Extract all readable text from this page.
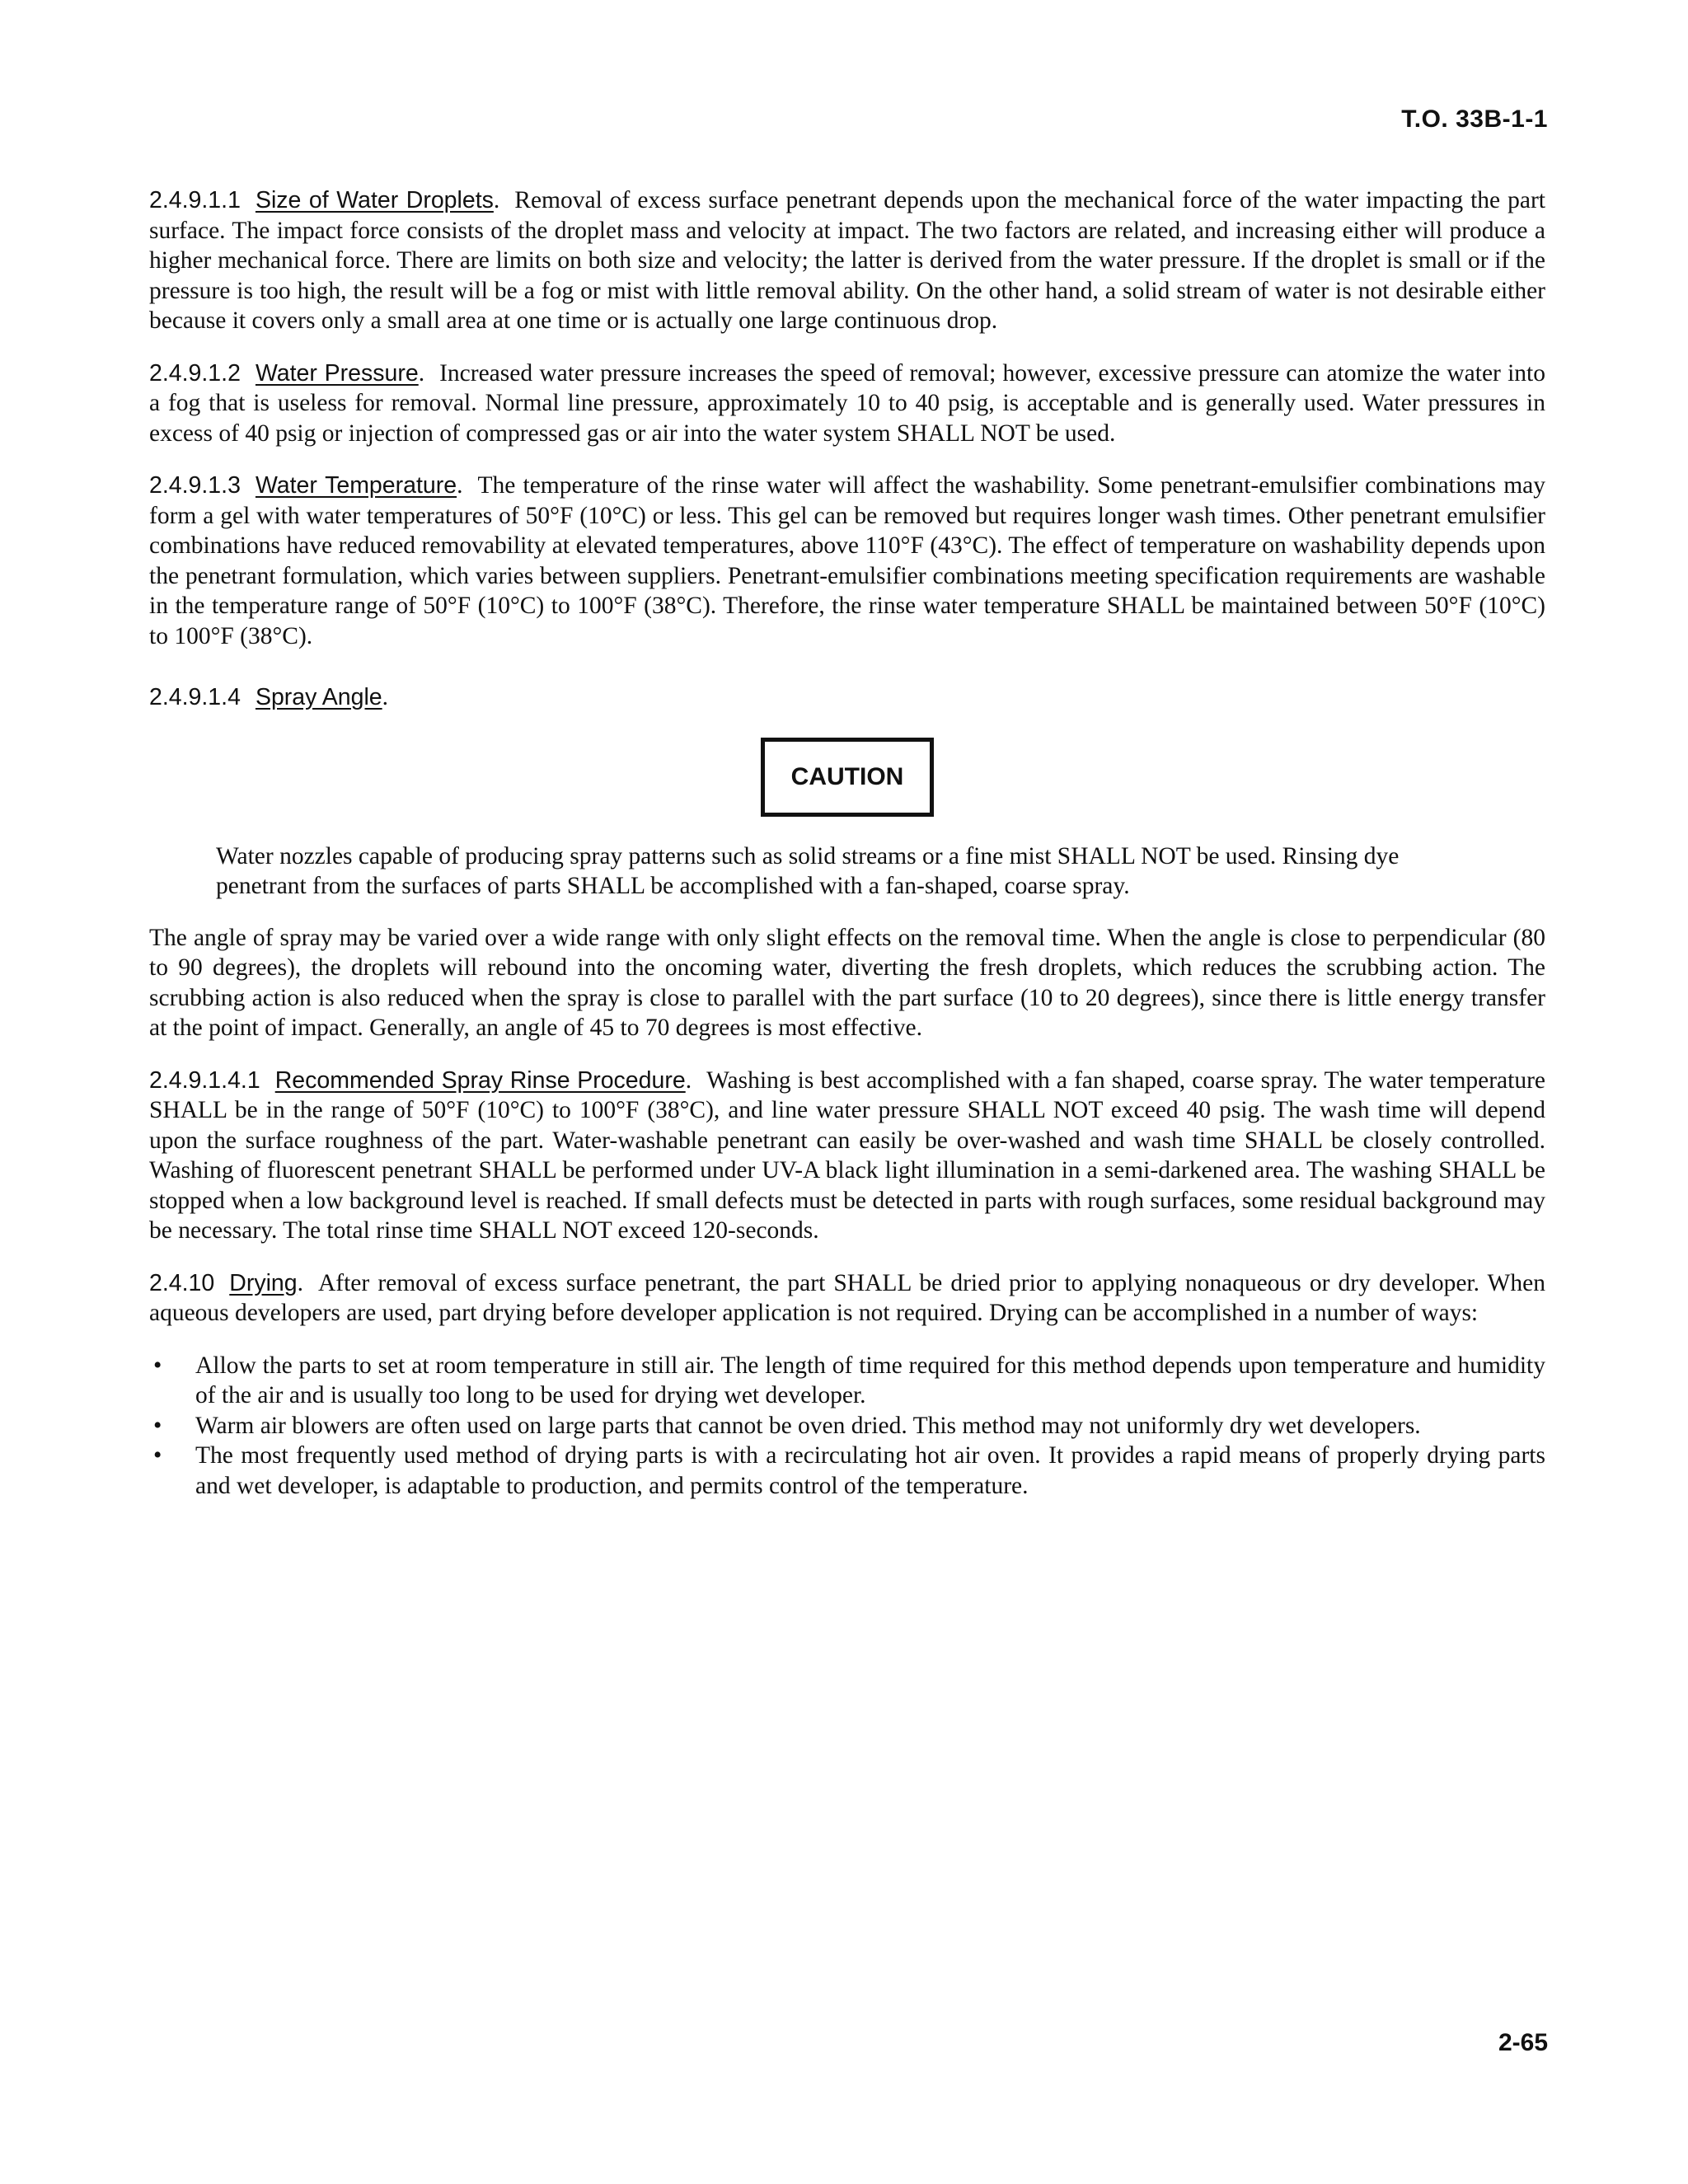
T.O. 33B-1-1

2.4.9.1.1 Size of Water Droplets. Removal of excess surface penetrant depends upon the mechanical force of the water impacting the part surface. The impact force consists of the droplet mass and velocity at impact. The two factors are related, and increasing either will produce a higher mechanical force. There are limits on both size and velocity; the latter is derived from the water pressure. If the droplet is small or if the pressure is too high, the result will be a fog or mist with little removal ability. On the other hand, a solid stream of water is not desirable either because it covers only a small area at one time or is actually one large continuous drop.

2.4.9.1.2 Water Pressure. Increased water pressure increases the speed of removal; however, excessive pressure can atomize the water into a fog that is useless for removal. Normal line pressure, approximately 10 to 40 psig, is acceptable and is generally used. Water pressures in excess of 40 psig or injection of compressed gas or air into the water system SHALL NOT be used.

2.4.9.1.3 Water Temperature. The temperature of the rinse water will affect the washability. Some penetrant-emulsifier combinations may form a gel with water temperatures of 50°F (10°C) or less. This gel can be removed but requires longer wash times. Other penetrant emulsifier combinations have reduced removability at elevated temperatures, above 110°F (43°C). The effect of temperature on washability depends upon the penetrant formulation, which varies between suppliers. Penetrant-emulsifier combinations meeting specification requirements are washable in the temperature range of 50°F (10°C) to 100°F (38°C). Therefore, the rinse water temperature SHALL be maintained between 50°F (10°C) to 100°F (38°C).

2.4.9.1.4 Spray Angle.

CAUTION

Water nozzles capable of producing spray patterns such as solid streams or a fine mist SHALL NOT be used. Rinsing dye penetrant from the surfaces of parts SHALL be accomplished with a fan-shaped, coarse spray.

The angle of spray may be varied over a wide range with only slight effects on the removal time. When the angle is close to perpendicular (80 to 90 degrees), the droplets will rebound into the oncoming water, diverting the fresh droplets, which reduces the scrubbing action. The scrubbing action is also reduced when the spray is close to parallel with the part surface (10 to 20 degrees), since there is little energy transfer at the point of impact. Generally, an angle of 45 to 70 degrees is most effective.

2.4.9.1.4.1 Recommended Spray Rinse Procedure. Washing is best accomplished with a fan shaped, coarse spray. The water temperature SHALL be in the range of 50°F (10°C) to 100°F (38°C), and line water pressure SHALL NOT exceed 40 psig. The wash time will depend upon the surface roughness of the part. Water-washable penetrant can easily be over-washed and wash time SHALL be closely controlled. Washing of fluorescent penetrant SHALL be performed under UV-A black light illumination in a semi-darkened area. The washing SHALL be stopped when a low background level is reached. If small defects must be detected in parts with rough surfaces, some residual background may be necessary. The total rinse time SHALL NOT exceed 120-seconds.

2.4.10 Drying. After removal of excess surface penetrant, the part SHALL be dried prior to applying nonaqueous or dry developer. When aqueous developers are used, part drying before developer application is not required. Drying can be accomplished in a number of ways:

• Allow the parts to set at room temperature in still air. The length of time required for this method depends upon temperature and humidity of the air and is usually too long to be used for drying wet developer.
• Warm air blowers are often used on large parts that cannot be oven dried. This method may not uniformly dry wet developers.
• The most frequently used method of drying parts is with a recirculating hot air oven. It provides a rapid means of properly drying parts and wet developer, is adaptable to production, and permits control of the temperature.
2-65
